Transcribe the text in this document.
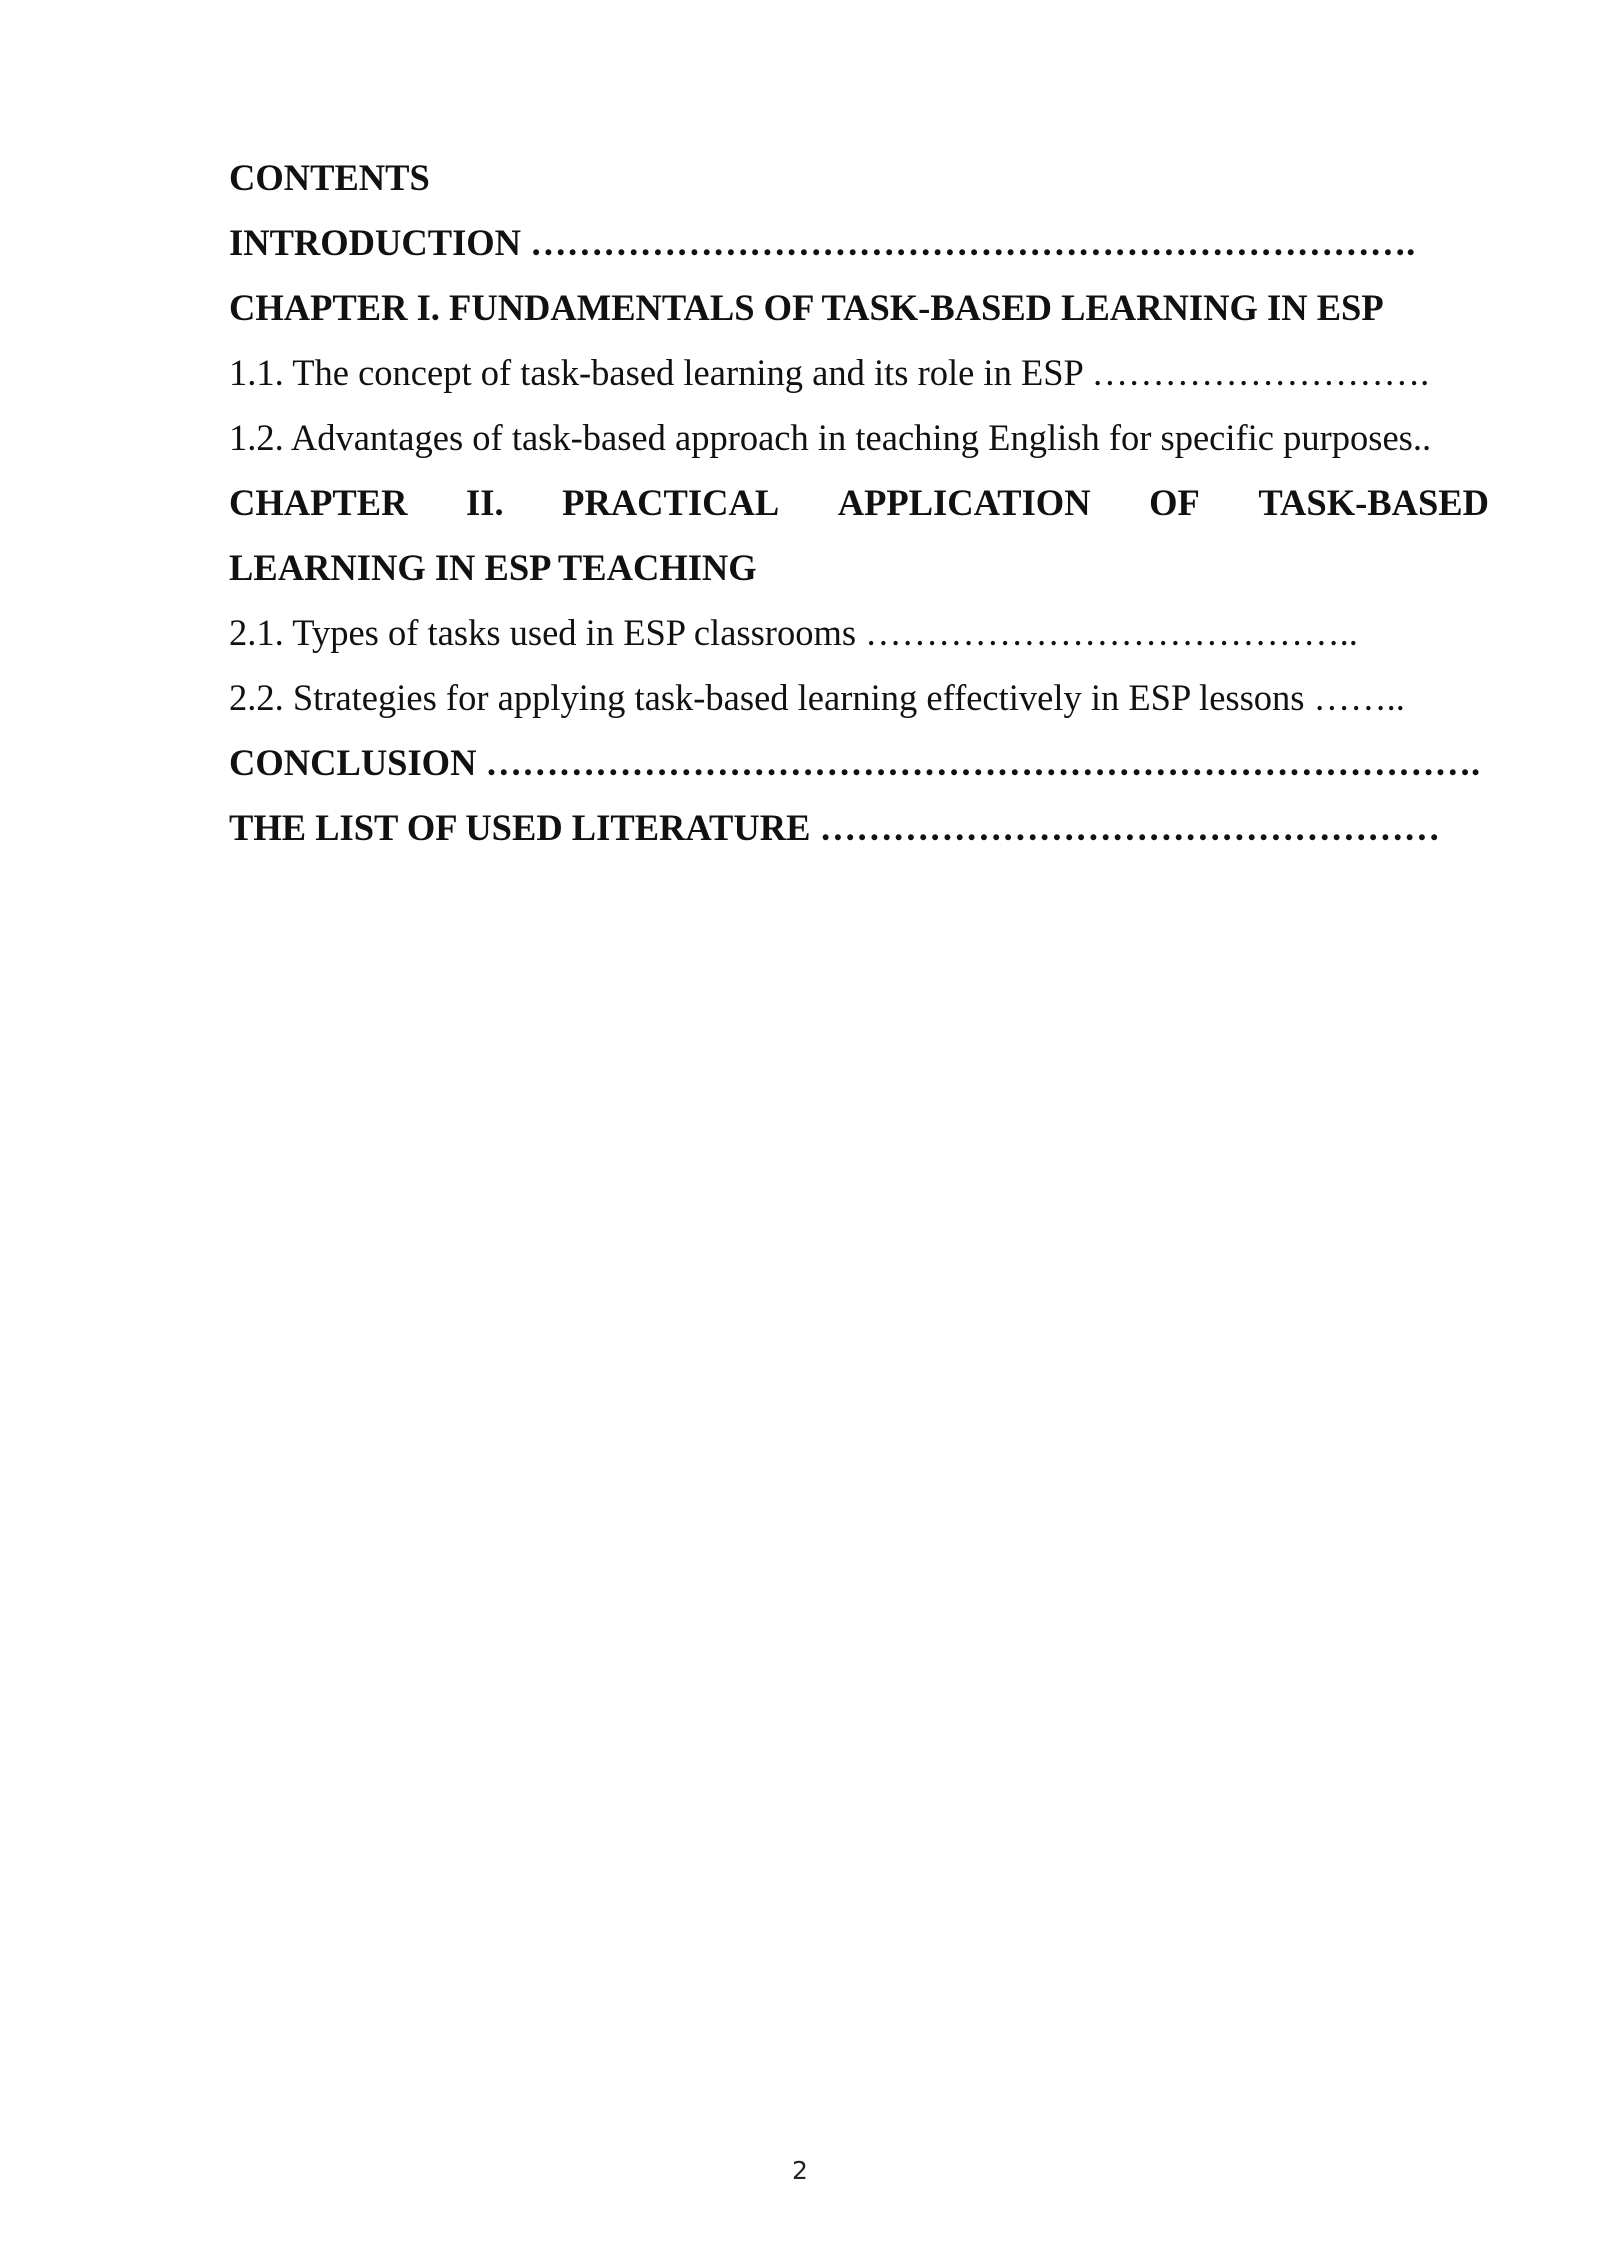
CONTENTS
INTRODUCTION ……………………………………………………………….
CHAPTER I. FUNDAMENTALS OF TASK-BASED LEARNING IN ESP
1.1. The concept of task-based learning and its role in ESP ……………………….
1.2. Advantages of task-based approach in teaching English for specific purposes..
CHAPTER II. PRACTICAL APPLICATION OF TASK-BASED
LEARNING IN ESP TEACHING
2.1. Types of tasks used in ESP classrooms …………………………………..
2.2. Strategies for applying task-based learning effectively in ESP lessons ……..
CONCLUSION ……………………………………………………………………….
THE LIST OF USED LITERATURE ……………………………………………
2
